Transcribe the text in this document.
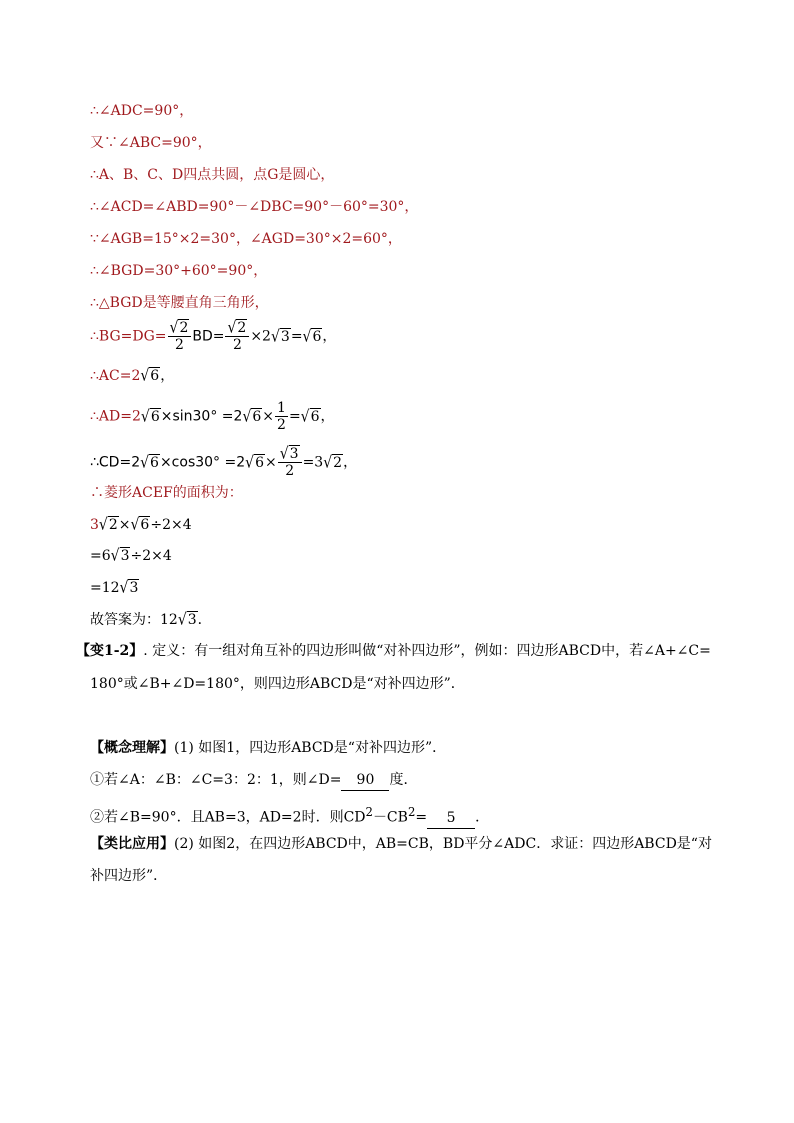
∴∠ADC=90°，
又∵∠ABC=90°，
∴A、B、C、D四点共圆，点G是圆心，
∴∠ACD=∠ABD=90°－∠DBC=90°－60°=30°，
∵∠AGB=15°×2=30°，∠AGD=30°×2=60°，
∴∠BGD=30°+60°=90°，
∴△BGD是等腰直角三角形，
∴BG=DG= $\frac{√2}{2} BD= \frac{√2}{2} \times 2√3=√6$，
∴AC=2√6，
∴AD=2√6×sin30° $=2√6\times \frac{1}{2} =√6$，
∴CD=2√6×cos30° $=2√6\times \frac{√3}{2} =3√2$，
∴菱形ACEF的面积为：
3√2×√6÷2×4
=6√3÷2×4
=12√3
故答案为：12√3．
【变1-2】. 定义：有一组对角互补的四边形叫做“对补四边形”，例如：四边形ABCD中，若∠A+∠C=
180°或∠B+∠D=180°，则四边形ABCD是“对补四边形”．
【概念理解】(1) 如图1，四边形ABCD是“对补四边形”．
①若∠A：∠B：∠C=3：2：1，则∠D= 90 度．
②若∠B=90°．且AB=3，AD=2时．则$CD^2-CB^2= 5$ ．
【类比应用】(2) 如图2，在四边形ABCD中，AB=CB，BD平分∠ADC．求证：四边形ABCD是“对
补四边形”．
